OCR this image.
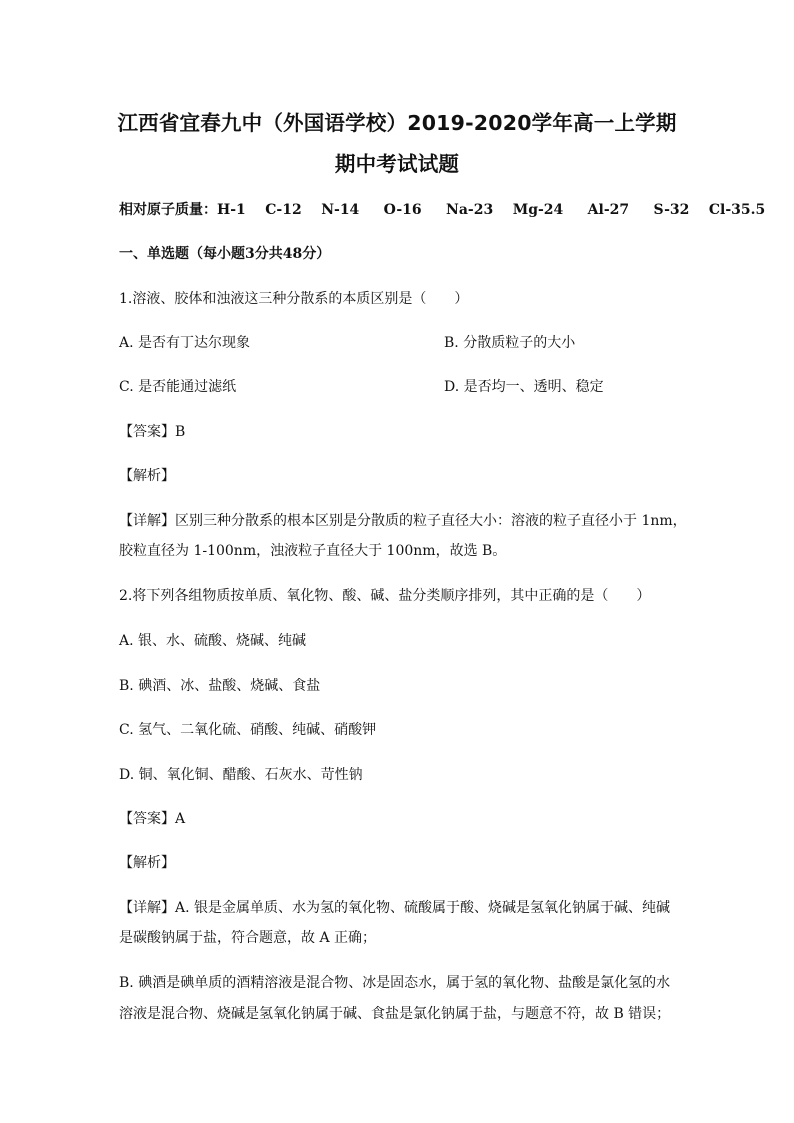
江西省宜春九中（外国语学校）2019-2020学年高一上学期
期中考试试题
相对原子质量：H-1    C-12    N-14     O-16     Na-23    Mg-24     Al-27     S-32    Cl-35.5
一、单选题（每小题3分共48分）
1.溶液、胶体和浊液这三种分散系的本质区别是（　　）
A. 是否有丁达尔现象	B. 分散质粒子的大小
C. 是否能通过滤纸	D. 是否均一、透明、稳定
【答案】B
【解析】
【详解】区别三种分散系的根本区别是分散质的粒子直径大小：溶液的粒子直径小于 1nm，
胶粒直径为 1-100nm，浊液粒子直径大于 100nm，故选 B。
2.将下列各组物质按单质、氧化物、酸、碱、盐分类顺序排列，其中正确的是（　　）
A. 银、水、硫酸、烧碱、纯碱
B. 碘酒、冰、盐酸、烧碱、食盐
C. 氢气、二氧化硫、硝酸、纯碱、硝酸钾
D. 铜、氧化铜、醋酸、石灰水、苛性钠
【答案】A
【解析】
【详解】A. 银是金属单质、水为氢的氧化物、硫酸属于酸、烧碱是氢氧化钠属于碱、纯碱
是碳酸钠属于盐，符合题意，故 A 正确；
B. 碘酒是碘单质的酒精溶液是混合物、冰是固态水，属于氢的氧化物、盐酸是氯化氢的水
溶液是混合物、烧碱是氢氧化钠属于碱、食盐是氯化钠属于盐，与题意不符，故 B 错误；
